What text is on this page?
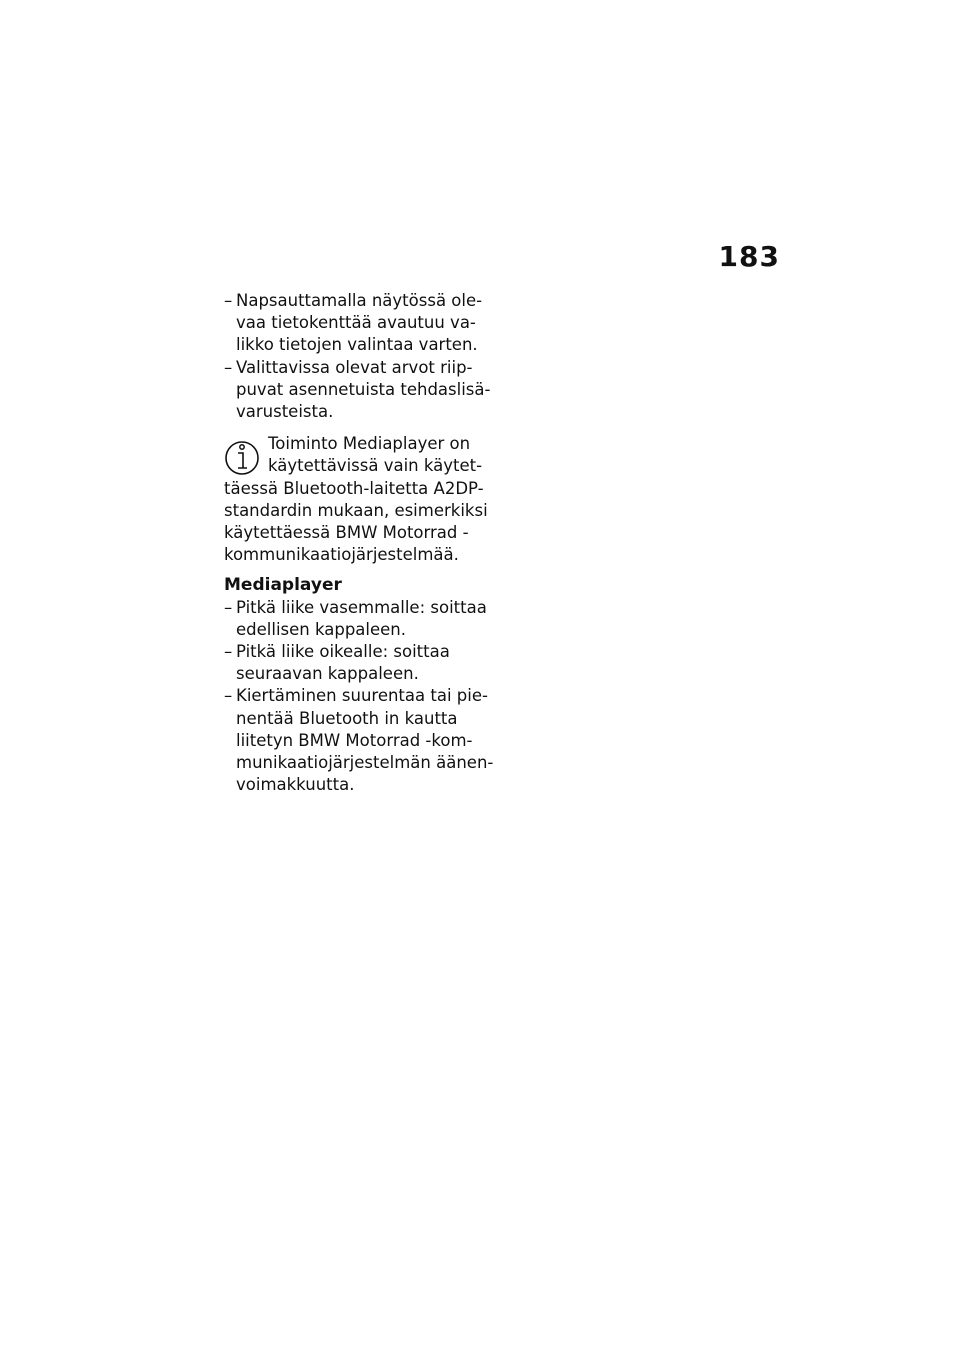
183
– Napsauttamalla näytössä ole-
vaa tietokenttää avautuu va-
likko tietojen valintaa varten.
– Valittavissa olevat arvot riip-
puvat asennetuista tehdaslisä-
varusteista.
Toiminto Mediaplayer on
käytettävissä vain käytet-
täessä Bluetooth-laitetta A2DP-
standardin mukaan, esimerkiksi
käytettäessä BMW Motorrad -
kommunikaatiojärjestelmää.
Mediaplayer
– Pitkä liike vasemmalle: soittaa
edellisen kappaleen.
– Pitkä liike oikealle: soittaa
seuraavan kappaleen.
– Kiertäminen suurentaa tai pie-
nentää Bluetooth in kautta
liitetyn BMW Motorrad -kom-
munikaatiojärjestelmän äänen-
voimakkuutta.
